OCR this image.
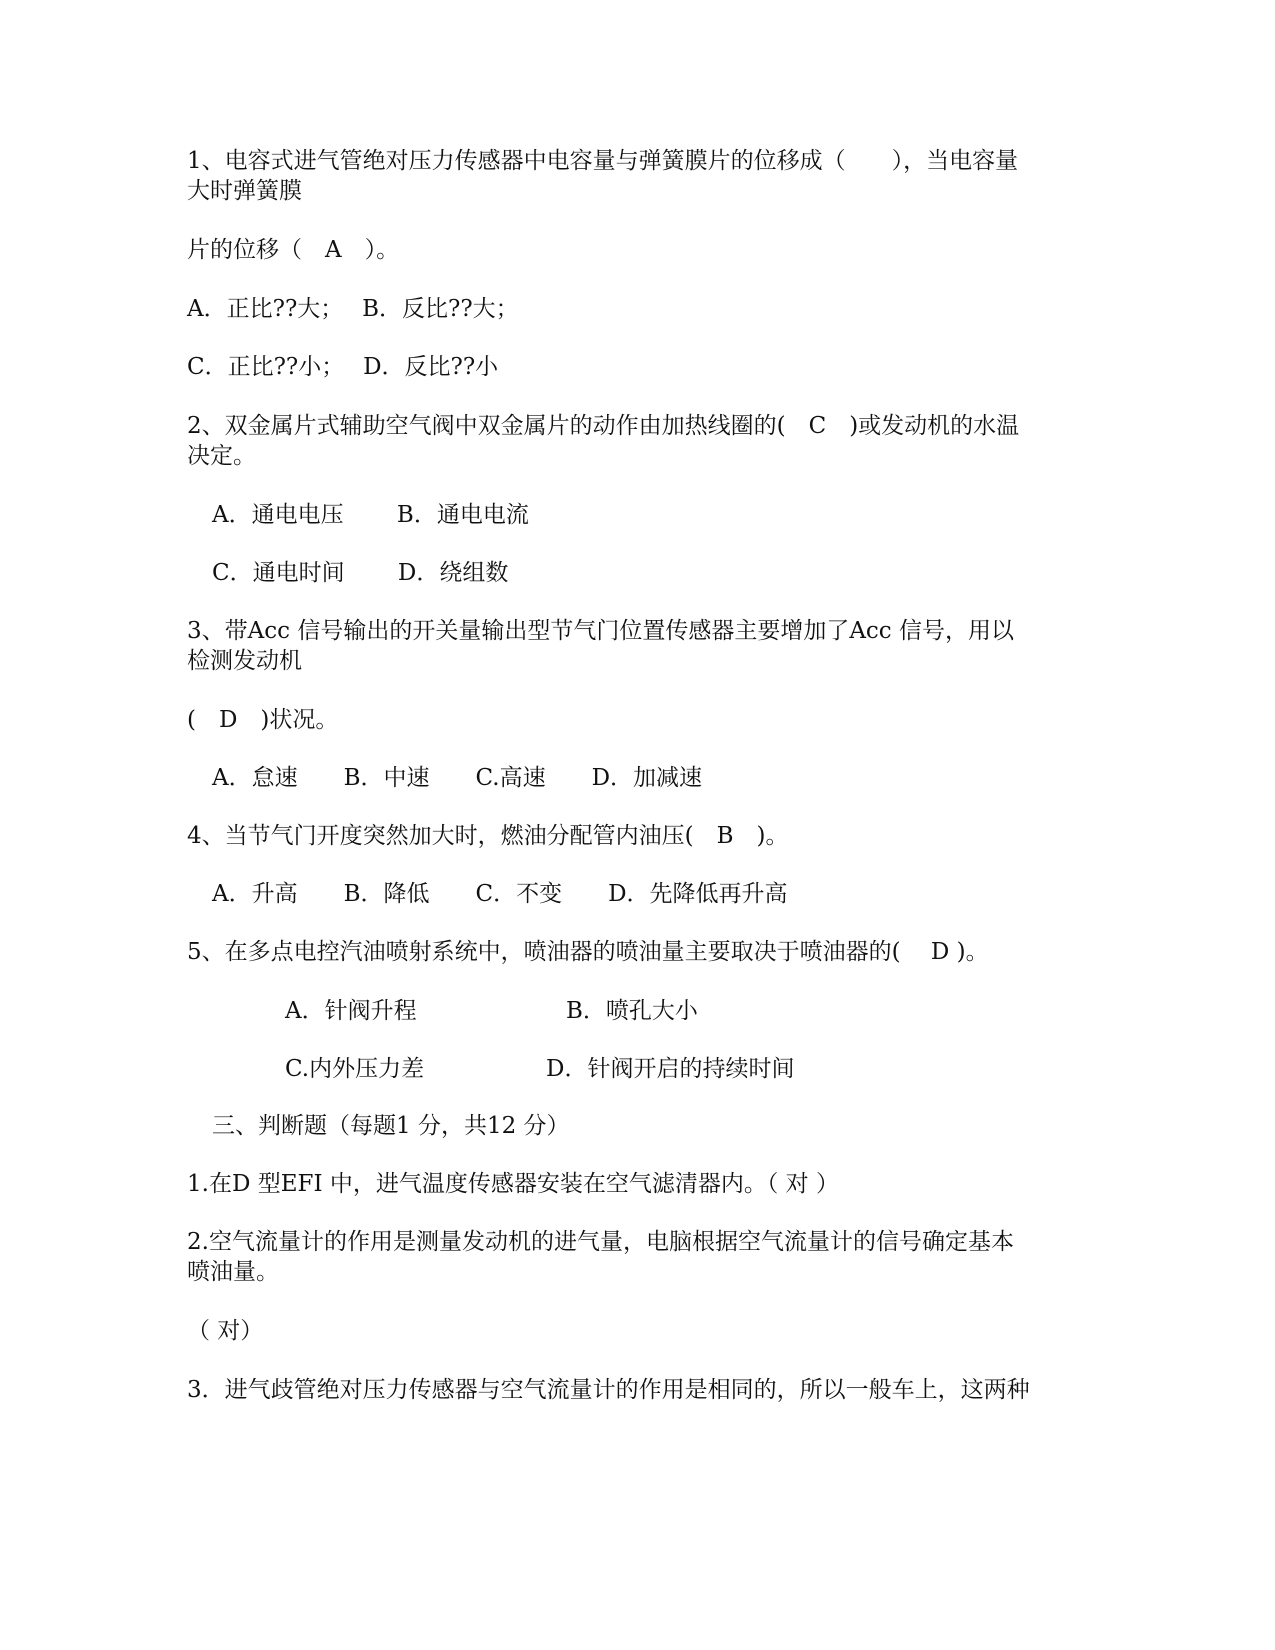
1、电容式进气管绝对压力传感器中电容量与弹簧膜片的位移成（　　），当电容量
大时弹簧膜
片的位移（　A　）。
A．正比??大；　 B．反比??大；
C．正比??小；　 D．反比??小
2、双金属片式辅助空气阀中双金属片的动作由加热线圈的(　C　)或发动机的水温
决定。
A．通电电压　　 B．通电电流
C．通电时间　　 D．绕组数
3、带Acc 信号输出的开关量输出型节气门位置传感器主要增加了Acc 信号，用以
检测发动机
(　D　)状况。
A．怠速　　B．中速　　C.高速　　D．加减速
4、当节气门开度突然加大时，燃油分配管内油压(　B　)。
A．升高　　B．降低　　C．不变　　D．先降低再升高
5、在多点电控汽油喷射系统中，喷油器的喷油量主要取决于喷油器的(　 D )。
A．针阀升程	B．喷孔大小
C.内外压力差	D．针阀开启的持续时间
三、判断题（每题1 分，共12 分）
1.在D 型EFI 中，进气温度传感器安装在空气滤清器内。（ 对 ）
2.空气流量计的作用是测量发动机的进气量，电脑根据空气流量计的信号确定基本
喷油量。
（ 对）
3．进气歧管绝对压力传感器与空气流量计的作用是相同的，所以一般车上，这两种
